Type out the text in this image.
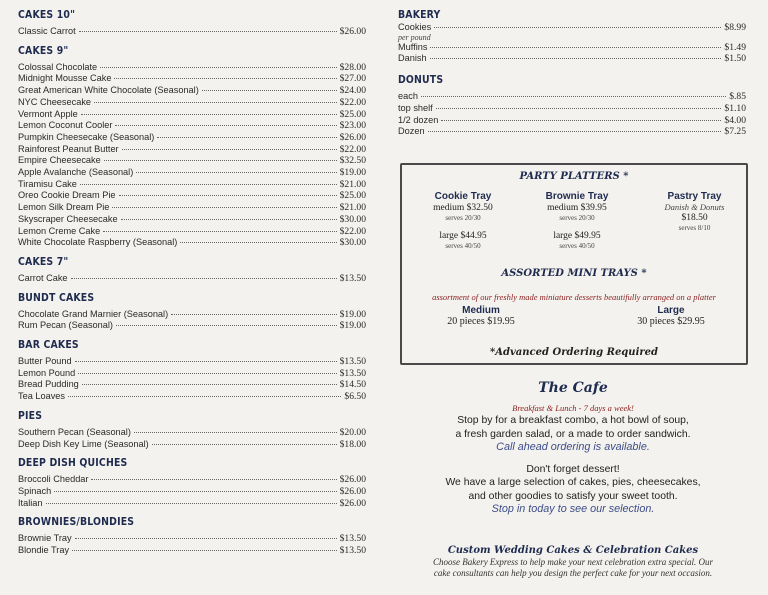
CAKES 10"
Classic Carrot	$26.00
CAKES 9"
Colossal Chocolate	$28.00
Midnight Mousse Cake	$27.00
Great American White Chocolate (Seasonal)	$24.00
NYC Cheesecake	$22.00
Vermont Apple	$25.00
Lemon Coconut Cooler	$23.00
Pumpkin Cheesecake (Seasonal)	$26.00
Rainforest Peanut Butter	$22.00
Empire Cheesecake	$32.50
Apple Avalanche (Seasonal)	$19.00
Tiramisu Cake	$21.00
Oreo Cookie Dream Pie	$25.00
Lemon Silk Dream Pie	$21.00
Skyscraper Cheesecake	$30.00
Lemon Creme Cake	$22.00
White Chocolate Raspberry (Seasonal)	$30.00
CAKES 7"
Carrot Cake	$13.50
BUNDT CAKES
Chocolate Grand Marnier (Seasonal)	$19.00
Rum Pecan (Seasonal)	$19.00
BAR CAKES
Butter Pound	$13.50
Lemon Pound	$13.50
Bread Pudding	$14.50
Tea Loaves	$6.50
PIES
Southern Pecan (Seasonal)	$20.00
Deep Dish Key Lime (Seasonal)	$18.00
DEEP DISH QUICHES
Broccoli Cheddar	$26.00
Spinach	$26.00
Italian	$26.00
BROWNIES/BLONDIES
Brownie Tray	$13.50
Blondie Tray	$13.50
BAKERY
Cookies	$8.99
per pound
Muffins	$1.49
Danish	$1.50
DONUTS
each	$.85
top shelf	$1.10
1/2 dozen	$4.00
Dozen	$7.25
PARTY PLATTERS *
Cookie Tray
medium $32.50
serves 20/30
large $44.95
serves 40/50
Brownie Tray
medium $39.95
serves 20/30
large $49.95
serves 40/50
Pastry Tray
Danish & Donuts
$18.50
serves 8/10
ASSORTED MINI TRAYS *
assortment of our freshly made miniature desserts beautifully arranged on a platter
Medium
20 pieces $19.95
Large
30 pieces $29.95
*Advanced Ordering Required
The Cafe
Breakfast & Lunch - 7 days a week!
Stop by for a breakfast combo, a hot bowl of soup,
a fresh garden salad, or a made to order sandwich.
Call ahead ordering is available.
Don't forget dessert!
We have a large selection of cakes, pies, cheesecakes,
and other goodies to satisfy your sweet tooth.
Stop in today to see our selection.
Custom Wedding Cakes & Celebration Cakes
Choose Bakery Express to help make your next celebration extra special. Our
cake consultants can help you design the perfect cake for your next occasion.
